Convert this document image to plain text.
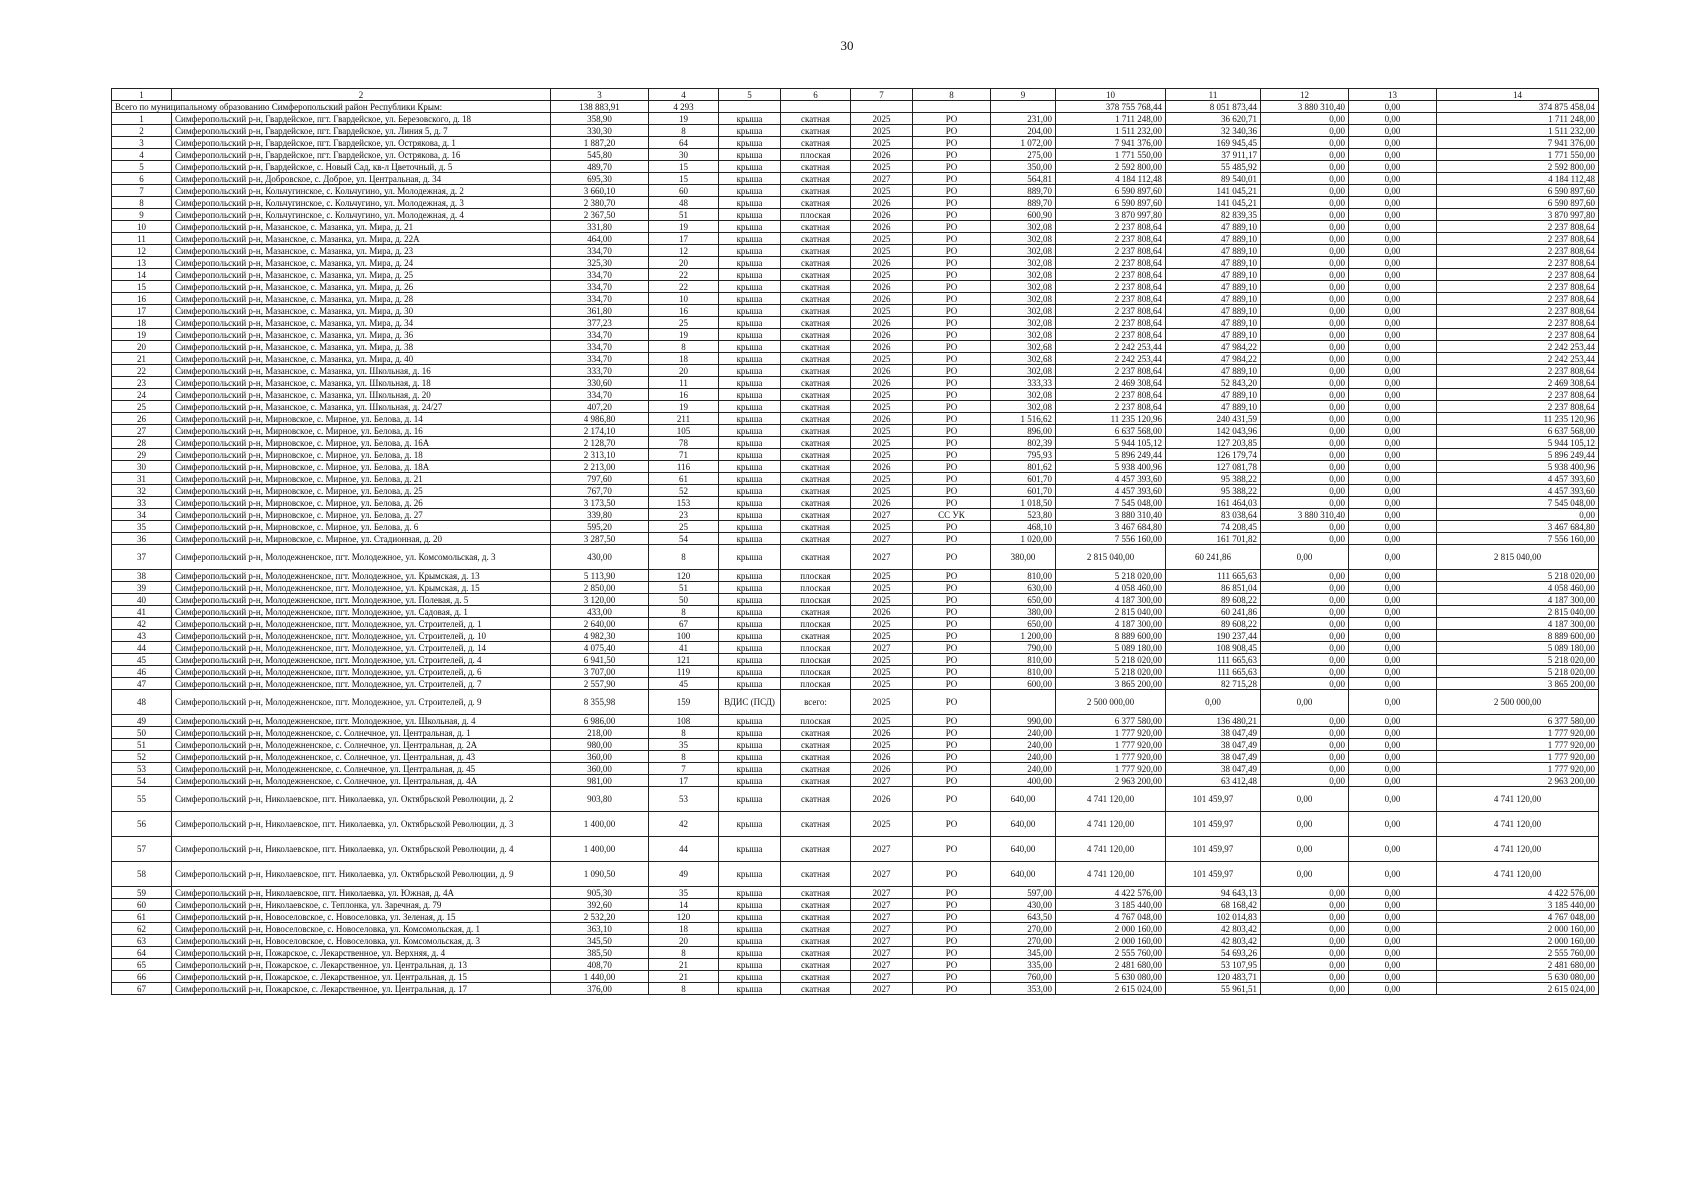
30
1	2	3	4	5	6	7	8	9	10	11	12	13	14
Всего по муниципальному образованию Симферопольский район Республики Крым:		138 883,91	4 293						378 755 768,44	8 051 873,44	3 880 310,40	0,00	374 875 458,04
1	Симферопольский р-н, Гвардейское, пгт. Гвардейское, ул. Березовского, д. 18	358,90	19	крыша	скатная	2025	РО	231,00	1 711 248,00	36 620,71	0,00	0,00	1 711 248,00
2	Симферопольский р-н, Гвардейское, пгт. Гвардейское, ул. Линия 5, д. 7	330,30	8	крыша	скатная	2025	РО	204,00	1 511 232,00	32 340,36	0,00	0,00	1 511 232,00
3	Симферопольский р-н, Гвардейское, пгт. Гвардейское, ул. Острякова, д. 1	1 887,20	64	крыша	скатная	2025	РО	1 072,00	7 941 376,00	169 945,45	0,00	0,00	7 941 376,00
4	Симферопольский р-н, Гвардейское, пгт. Гвардейское, ул. Острякова, д. 16	545,80	30	крыша	плоская	2026	РО	275,00	1 771 550,00	37 911,17	0,00	0,00	1 771 550,00
5	Симферопольский р-н, Гвардейское, с. Новый Сад, кв-л Цветочный, д. 5	489,70	15	крыша	скатная	2025	РО	350,00	2 592 800,00	55 485,92	0,00	0,00	2 592 800,00
6	Симферопольский р-н, Добровское, с. Доброе, ул. Центральная, д. 34	695,30	15	крыша	скатная	2027	РО	564,81	4 184 112,48	89 540,01	0,00	0,00	4 184 112,48
7	Симферопольский р-н, Кольчугинское, с. Кольчугино, ул. Молодежная, д. 2	3 660,10	60	крыша	скатная	2025	РО	889,70	6 590 897,60	141 045,21	0,00	0,00	6 590 897,60
8	Симферопольский р-н, Кольчугинское, с. Кольчугино, ул. Молодежная, д. 3	2 380,70	48	крыша	скатная	2026	РО	889,70	6 590 897,60	141 045,21	0,00	0,00	6 590 897,60
9	Симферопольский р-н, Кольчугинское, с. Кольчугино, ул. Молодежная, д. 4	2 367,50	51	крыша	плоская	2026	РО	600,90	3 870 997,80	82 839,35	0,00	0,00	3 870 997,80
10	Симферопольский р-н, Мазанское, с. Мазанка, ул. Мира, д. 21	331,80	19	крыша	скатная	2026	РО	302,08	2 237 808,64	47 889,10	0,00	0,00	2 237 808,64
11	Симферопольский р-н, Мазанское, с. Мазанка, ул. Мира, д. 22А	464,00	17	крыша	скатная	2025	РО	302,08	2 237 808,64	47 889,10	0,00	0,00	2 237 808,64
12	Симферопольский р-н, Мазанское, с. Мазанка, ул. Мира, д. 23	334,70	12	крыша	скатная	2025	РО	302,08	2 237 808,64	47 889,10	0,00	0,00	2 237 808,64
13	Симферопольский р-н, Мазанское, с. Мазанка, ул. Мира, д. 24	325,30	20	крыша	скатная	2026	РО	302,08	2 237 808,64	47 889,10	0,00	0,00	2 237 808,64
14	Симферопольский р-н, Мазанское, с. Мазанка, ул. Мира, д. 25	334,70	22	крыша	скатная	2025	РО	302,08	2 237 808,64	47 889,10	0,00	0,00	2 237 808,64
15	Симферопольский р-н, Мазанское, с. Мазанка, ул. Мира, д. 26	334,70	22	крыша	скатная	2026	РО	302,08	2 237 808,64	47 889,10	0,00	0,00	2 237 808,64
16	Симферопольский р-н, Мазанское, с. Мазанка, ул. Мира, д. 28	334,70	10	крыша	скатная	2026	РО	302,08	2 237 808,64	47 889,10	0,00	0,00	2 237 808,64
17	Симферопольский р-н, Мазанское, с. Мазанка, ул. Мира, д. 30	361,80	16	крыша	скатная	2025	РО	302,08	2 237 808,64	47 889,10	0,00	0,00	2 237 808,64
18	Симферопольский р-н, Мазанское, с. Мазанка, ул. Мира, д. 34	377,23	25	крыша	скатная	2026	РО	302,08	2 237 808,64	47 889,10	0,00	0,00	2 237 808,64
19	Симферопольский р-н, Мазанское, с. Мазанка, ул. Мира, д. 36	334,70	19	крыша	скатная	2026	РО	302,08	2 237 808,64	47 889,10	0,00	0,00	2 237 808,64
20	Симферопольский р-н, Мазанское, с. Мазанка, ул. Мира, д. 38	334,70	8	крыша	скатная	2026	РО	302,68	2 242 253,44	47 984,22	0,00	0,00	2 242 253,44
21	Симферопольский р-н, Мазанское, с. Мазанка, ул. Мира, д. 40	334,70	18	крыша	скатная	2025	РО	302,68	2 242 253,44	47 984,22	0,00	0,00	2 242 253,44
22	Симферопольский р-н, Мазанское, с. Мазанка, ул. Школьная, д. 16	333,70	20	крыша	скатная	2026	РО	302,08	2 237 808,64	47 889,10	0,00	0,00	2 237 808,64
23	Симферопольский р-н, Мазанское, с. Мазанка, ул. Школьная, д. 18	330,60	11	крыша	скатная	2026	РО	333,33	2 469 308,64	52 843,20	0,00	0,00	2 469 308,64
24	Симферопольский р-н, Мазанское, с. Мазанка, ул. Школьная, д. 20	334,70	16	крыша	скатная	2025	РО	302,08	2 237 808,64	47 889,10	0,00	0,00	2 237 808,64
25	Симферопольский р-н, Мазанское, с. Мазанка, ул. Школьная, д. 24/27	407,20	19	крыша	скатная	2025	РО	302,08	2 237 808,64	47 889,10	0,00	0,00	2 237 808,64
26	Симферопольский р-н, Мирновское, с. Мирное, ул. Белова, д. 14	4 986,80	211	крыша	скатная	2026	РО	1 516,62	11 235 120,96	240 431,59	0,00	0,00	11 235 120,96
27	Симферопольский р-н, Мирновское, с. Мирное, ул. Белова, д. 16	2 174,10	105	крыша	скатная	2025	РО	896,00	6 637 568,00	142 043,96	0,00	0,00	6 637 568,00
28	Симферопольский р-н, Мирновское, с. Мирное, ул. Белова, д. 16А	2 128,70	78	крыша	скатная	2025	РО	802,39	5 944 105,12	127 203,85	0,00	0,00	5 944 105,12
29	Симферопольский р-н, Мирновское, с. Мирное, ул. Белова, д. 18	2 313,10	71	крыша	скатная	2025	РО	795,93	5 896 249,44	126 179,74	0,00	0,00	5 896 249,44
30	Симферопольский р-н, Мирновское, с. Мирное, ул. Белова, д. 18А	2 213,00	116	крыша	скатная	2026	РО	801,62	5 938 400,96	127 081,78	0,00	0,00	5 938 400,96
31	Симферопольский р-н, Мирновское, с. Мирное, ул. Белова, д. 21	797,60	61	крыша	скатная	2025	РО	601,70	4 457 393,60	95 388,22	0,00	0,00	4 457 393,60
32	Симферопольский р-н, Мирновское, с. Мирное, ул. Белова, д. 25	767,70	52	крыша	скатная	2025	РО	601,70	4 457 393,60	95 388,22	0,00	0,00	4 457 393,60
33	Симферопольский р-н, Мирновское, с. Мирное, ул. Белова, д. 26	3 173,50	153	крыша	скатная	2026	РО	1 018,50	7 545 048,00	161 464,03	0,00	0,00	7 545 048,00
34	Симферопольский р-н, Мирновское, с. Мирное, ул. Белова, д. 27	339,80	23	крыша	скатная	2027	СС УК	523,80	3 880 310,40	83 038,64	3 880 310,40	0,00	0,00
35	Симферопольский р-н, Мирновское, с. Мирное, ул. Белова, д. 6	595,20	25	крыша	скатная	2025	РО	468,10	3 467 684,80	74 208,45	0,00	0,00	3 467 684,80
36	Симферопольский р-н, Мирновское, с. Мирное, ул. Стадионная, д. 20	3 287,50	54	крыша	скатная	2027	РО	1 020,00	7 556 160,00	161 701,82	0,00	0,00	7 556 160,00
37	Симферопольский р-н, Молодежненское, пгт. Молодежное, ул. Комсомольская, д. 3	430,00	8	крыша	скатная	2027	РО	380,00	2 815 040,00	60 241,86	0,00	0,00	2 815 040,00
38	Симферопольский р-н, Молодежненское, пгт. Молодежное, ул. Крымская, д. 13	5 113,90	120	крыша	плоская	2025	РО	810,00	5 218 020,00	111 665,63	0,00	0,00	5 218 020,00
39	Симферопольский р-н, Молодежненское, пгт. Молодежное, ул. Крымская, д. 15	2 850,00	51	крыша	плоская	2025	РО	630,00	4 058 460,00	86 851,04	0,00	0,00	4 058 460,00
40	Симферопольский р-н, Молодежненское, пгт. Молодежное, ул. Полевая, д. 5	3 120,00	50	крыша	плоская	2025	РО	650,00	4 187 300,00	89 608,22	0,00	0,00	4 187 300,00
41	Симферопольский р-н, Молодежненское, пгт. Молодежное, ул. Садовая, д. 1	433,00	8	крыша	скатная	2026	РО	380,00	2 815 040,00	60 241,86	0,00	0,00	2 815 040,00
42	Симферопольский р-н, Молодежненское, пгт. Молодежное, ул. Строителей, д. 1	2 640,00	67	крыша	плоская	2025	РО	650,00	4 187 300,00	89 608,22	0,00	0,00	4 187 300,00
43	Симферопольский р-н, Молодежненское, пгт. Молодежное, ул. Строителей, д. 10	4 982,30	100	крыша	скатная	2025	РО	1 200,00	8 889 600,00	190 237,44	0,00	0,00	8 889 600,00
44	Симферопольский р-н, Молодежненское, пгт. Молодежное, ул. Строителей, д. 14	4 075,40	41	крыша	плоская	2027	РО	790,00	5 089 180,00	108 908,45	0,00	0,00	5 089 180,00
45	Симферопольский р-н, Молодежненское, пгт. Молодежное, ул. Строителей, д. 4	6 941,50	121	крыша	плоская	2025	РО	810,00	5 218 020,00	111 665,63	0,00	0,00	5 218 020,00
46	Симферопольский р-н, Молодежненское, пгт. Молодежное, ул. Строителей, д. 6	3 707,00	119	крыша	плоская	2025	РО	810,00	5 218 020,00	111 665,63	0,00	0,00	5 218 020,00
47	Симферопольский р-н, Молодежненское, пгт. Молодежное, ул. Строителей, д. 7	2 557,90	45	крыша	плоская	2025	РО	600,00	3 865 200,00	82 715,28	0,00	0,00	3 865 200,00
48	Симферопольский р-н, Молодежненское, пгт. Молодежное, ул. Строителей, д. 9	8 355,98	159	ВДИС (ПСД)	всего:	2025	РО		2 500 000,00	0,00	0,00	0,00	2 500 000,00
49	Симферопольский р-н, Молодежненское, пгт. Молодежное, ул. Школьная, д. 4	6 986,00	108	крыша	плоская	2025	РО	990,00	6 377 580,00	136 480,21	0,00	0,00	6 377 580,00
50	Симферопольский р-н, Молодежненское, с. Солнечное, ул. Центральная, д. 1	218,00	8	крыша	скатная	2026	РО	240,00	1 777 920,00	38 047,49	0,00	0,00	1 777 920,00
51	Симферопольский р-н, Молодежненское, с. Солнечное, ул. Центральная, д. 2А	980,00	35	крыша	скатная	2025	РО	240,00	1 777 920,00	38 047,49	0,00	0,00	1 777 920,00
52	Симферопольский р-н, Молодежненское, с. Солнечное, ул. Центральная, д. 43	360,00	8	крыша	скатная	2026	РО	240,00	1 777 920,00	38 047,49	0,00	0,00	1 777 920,00
53	Симферопольский р-н, Молодежненское, с. Солнечное, ул. Центральная, д. 45	360,00	7	крыша	скатная	2026	РО	240,00	1 777 920,00	38 047,49	0,00	0,00	1 777 920,00
54	Симферопольский р-н, Молодежненское, с. Солнечное, ул. Центральная, д. 4А	981,00	17	крыша	скатная	2027	РО	400,00	2 963 200,00	63 412,48	0,00	0,00	2 963 200,00
55	Симферопольский р-н, Николаевское, пгт. Николаевка, ул. Октябрьской Революции, д. 2	903,80	53	крыша	скатная	2026	РО	640,00	4 741 120,00	101 459,97	0,00	0,00	4 741 120,00
56	Симферопольский р-н, Николаевское, пгт. Николаевка, ул. Октябрьской Революции, д. 3	1 400,00	42	крыша	скатная	2025	РО	640,00	4 741 120,00	101 459,97	0,00	0,00	4 741 120,00
57	Симферопольский р-н, Николаевское, пгт. Николаевка, ул. Октябрьской Революции, д. 4	1 400,00	44	крыша	скатная	2027	РО	640,00	4 741 120,00	101 459,97	0,00	0,00	4 741 120,00
58	Симферопольский р-н, Николаевское, пгт. Николаевка, ул. Октябрьской Революции, д. 9	1 090,50	49	крыша	скатная	2027	РО	640,00	4 741 120,00	101 459,97	0,00	0,00	4 741 120,00
59	Симферопольский р-н, Николаевское, пгт. Николаевка, ул. Южная, д. 4А	905,30	35	крыша	скатная	2027	РО	597,00	4 422 576,00	94 643,13	0,00	0,00	4 422 576,00
60	Симферопольский р-н, Николаевское, с. Теплонка, ул. Заречная, д. 79	392,60	14	крыша	скатная	2027	РО	430,00	3 185 440,00	68 168,42	0,00	0,00	3 185 440,00
61	Симферопольский р-н, Новоселовское, с. Новоселовка, ул. Зеленая, д. 15	2 532,20	120	крыша	скатная	2027	РО	643,50	4 767 048,00	102 014,83	0,00	0,00	4 767 048,00
62	Симферопольский р-н, Новоселовское, с. Новоселовка, ул. Комсомольская, д. 1	363,10	18	крыша	скатная	2027	РО	270,00	2 000 160,00	42 803,42	0,00	0,00	2 000 160,00
63	Симферопольский р-н, Новоселовское, с. Новоселовка, ул. Комсомольская, д. 3	345,50	20	крыша	скатная	2027	РО	270,00	2 000 160,00	42 803,42	0,00	0,00	2 000 160,00
64	Симферопольский р-н, Пожарское, с. Лекарственное, ул. Верхняя, д. 4	385,50	8	крыша	скатная	2027	РО	345,00	2 555 760,00	54 693,26	0,00	0,00	2 555 760,00
65	Симферопольский р-н, Пожарское, с. Лекарственное, ул. Центральная, д. 13	408,70	21	крыша	скатная	2027	РО	335,00	2 481 680,00	53 107,95	0,00	0,00	2 481 680,00
66	Симферопольский р-н, Пожарское, с. Лекарственное, ул. Центральная, д. 15	1 440,00	21	крыша	скатная	2027	РО	760,00	5 630 080,00	120 483,71	0,00	0,00	5 630 080,00
67	Симферопольский р-н, Пожарское, с. Лекарственное, ул. Центральная, д. 17	376,00	8	крыша	скатная	2027	РО	353,00	2 615 024,00	55 961,51	0,00	0,00	2 615 024,00
